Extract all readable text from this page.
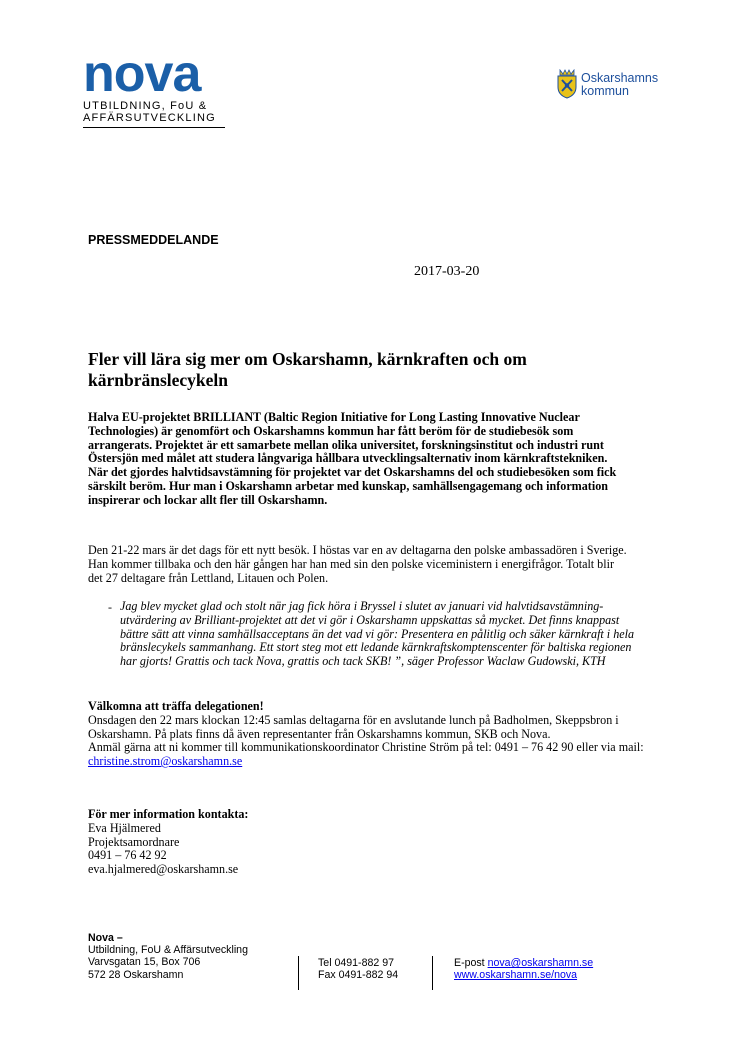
nova
UTBILDNING, FoU &
AFFÄRSUTVECKLING
Oskarshamns
kommun
PRESSMEDDELANDE
2017-03-20
Fler vill lära sig mer om Oskarshamn, kärnkraften och om kärnbränslecykeln
Halva EU-projektet BRILLIANT (Baltic Region Initiative for Long Lasting Innovative Nuclear Technologies) är genomfört och Oskarshamns kommun har fått beröm för de studiebesök som arrangerats. Projektet är ett samarbete mellan olika universitet, forskningsinstitut och industri runt Östersjön med målet att studera långvariga hållbara utvecklingsalternativ inom kärnkraftstekniken.
När det gjordes halvtidsavstämning för projektet var det Oskarshamns del och studiebesöken som fick särskilt beröm. Hur man i Oskarshamn arbetar med kunskap, samhällsengagemang och information inspirerar och lockar allt fler till Oskarshamn.
Den 21-22 mars är det dags för ett nytt besök. I höstas var en av deltagarna den polske ambassadören i Sverige. Han kommer tillbaka och den här gången har han med sin den polske viceministern i energifrågor. Totalt blir det 27 deltagare från Lettland, Litauen och Polen.
- Jag blev mycket glad och stolt när jag fick höra i Bryssel i slutet av januari vid halvtidsavstämning-utvärdering av Brilliant-projektet att det vi gör i Oskarshamn uppskattas så mycket. Det finns knappast bättre sätt att vinna samhällsacceptans än det vad vi gör: Presentera en pålitlig och säker kärnkraft i hela bränslecykels sammanhang. Ett stort steg mot ett ledande kärnkraftskomptenscenter för baltiska regionen har gjorts! Grattis och tack Nova, grattis och tack SKB! ”, säger Professor Waclaw Gudowski, KTH
Välkomna att träffa delegationen!
Onsdagen den 22 mars klockan 12:45 samlas deltagarna för en avslutande lunch på Badholmen, Skeppsbron i Oskarshamn. På plats finns då även representanter från Oskarshamns kommun, SKB och Nova.
Anmäl gärna att ni kommer till kommunikationskoordinator Christine Ström på tel: 0491 – 76 42 90 eller via mail: christine.strom@oskarshamn.se
För mer information kontakta:
Eva Hjälmered
Projektsamordnare
0491 – 76 42 92
eva.hjalmered@oskarshamn.se
Nova –
Utbildning, FoU & Affärsutveckling
Varvsgatan 15, Box 706
572 28 Oskarshamn
Tel 0491-882 97
Fax 0491-882 94
E-post nova@oskarshamn.se
www.oskarshamn.se/nova
